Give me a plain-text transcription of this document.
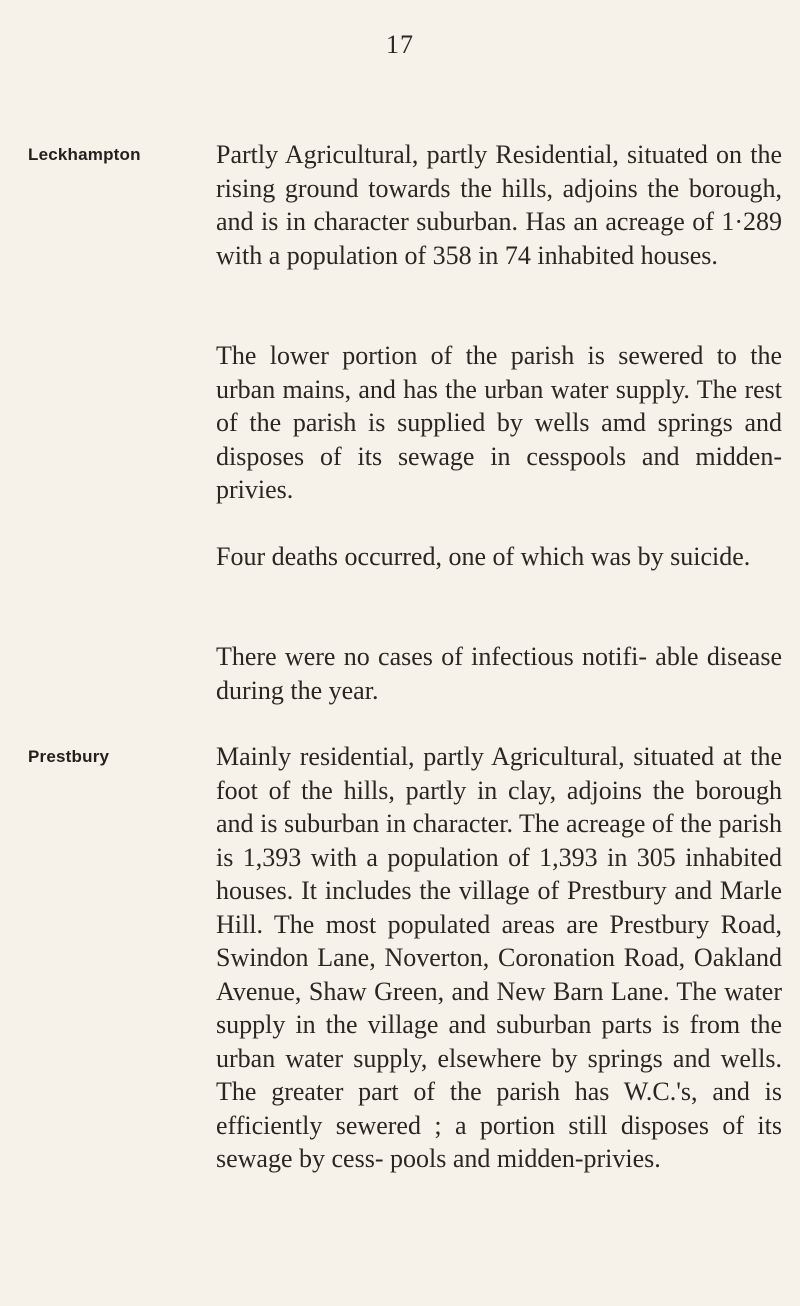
17
Leckhampton	Partly Agricultural, partly Residential, situated on the rising ground towards the hills, adjoins the borough, and is in character suburban. Has an acreage of 1·289 with a population of 358 in 74 inhabited houses.

The lower portion of the parish is sewered to the urban mains, and has the urban water supply. The rest of the parish is supplied by wells amd springs and disposes of its sewage in cesspools and midden-privies.

Four deaths occurred, one of which was by suicide.

There were no cases of infectious notifi- able disease during the year.

Prestbury	Mainly residential, partly Agricultural, situated at the foot of the hills, partly in clay, adjoins the borough and is suburban in character. The acreage of the parish is 1,393 with a population of 1,393 in 305 inhabited houses. It includes the village of Prestbury and Marle Hill. The most populated areas are Prestbury Road, Swindon Lane, Noverton, Coronation Road, Oakland Avenue, Shaw Green, and New Barn Lane. The water supply in the village and suburban parts is from the urban water supply, elsewhere by springs and wells. The greater part of the parish has W.C.'s, and is efficiently sewered ; a portion still disposes of its sewage by cess- pools and midden-privies.
